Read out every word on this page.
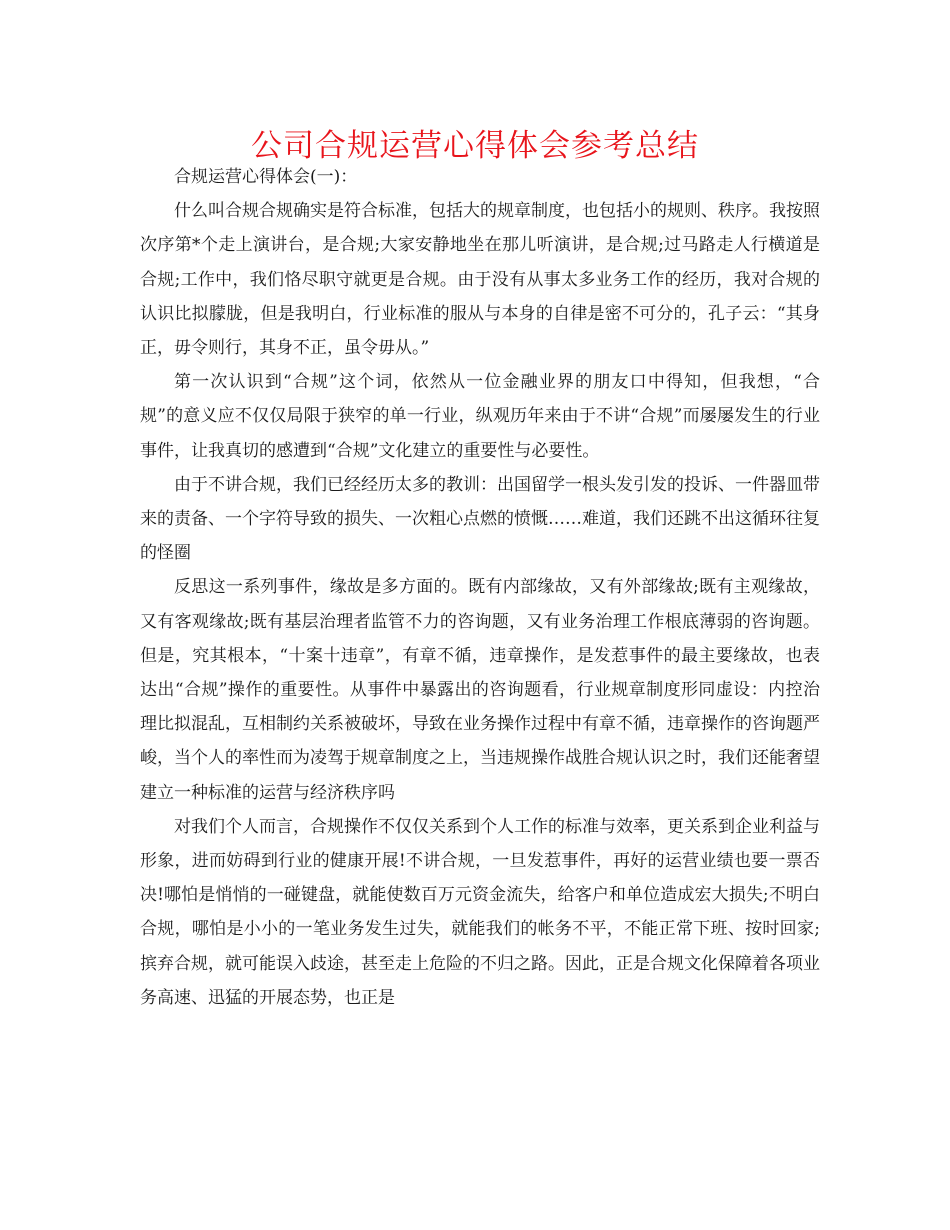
公司合规运营心得体会参考总结

合规运营心得体会(一)：

什么叫合规合规确实是符合标准，包括大的规章制度，也包括小的规则、秩序。我按照次序第*个走上演讲台，是合规;大家安静地坐在那儿听演讲，是合规;过马路走人行横道是合规;工作中，我们恪尽职守就更是合规。由于没有从事太多业务工作的经历，我对合规的认识比拟朦胧，但是我明白，行业标准的服从与本身的自律是密不可分的，孔子云：“其身正，毋令则行，其身不正，虽令毋从。”

第一次认识到“合规”这个词，依然从一位金融业界的朋友口中得知，但我想，“合规”的意义应不仅仅局限于狭窄的单一行业，纵观历年来由于不讲“合规”而屡屡发生的行业事件，让我真切的感遭到“合规”文化建立的重要性与必要性。

由于不讲合规，我们已经经历太多的教训：出国留学一根头发引发的投诉、一件器皿带来的责备、一个字符导致的损失、一次粗心点燃的愤慨……难道，我们还跳不出这循环往复的怪圈

反思这一系列事件，缘故是多方面的。既有内部缘故，又有外部缘故;既有主观缘故，又有客观缘故;既有基层治理者监管不力的咨询题，又有业务治理工作根底薄弱的咨询题。但是，究其根本，“十案十违章”，有章不循，违章操作，是发惹事件的最主要缘故，也表达出“合规”操作的重要性。从事件中暴露出的咨询题看，行业规章制度形同虚设：内控治理比拟混乱，互相制约关系被破坏，导致在业务操作过程中有章不循，违章操作的咨询题严峻，当个人的率性而为凌驾于规章制度之上，当违规操作战胜合规认识之时，我们还能奢望建立一种标准的运营与经济秩序吗

对我们个人而言，合规操作不仅仅关系到个人工作的标准与效率，更关系到企业利益与形象，进而妨碍到行业的健康开展!不讲合规，一旦发惹事件，再好的运营业绩也要一票否决!哪怕是悄悄的一碰键盘，就能使数百万元资金流失，给客户和单位造成宏大损失;不明白合规，哪怕是小小的一笔业务发生过失，就能我们的帐务不平，不能正常下班、按时回家;摈弃合规，就可能误入歧途，甚至走上危险的不归之路。因此，正是合规文化保障着各项业务高速、迅猛的开展态势，也正是
